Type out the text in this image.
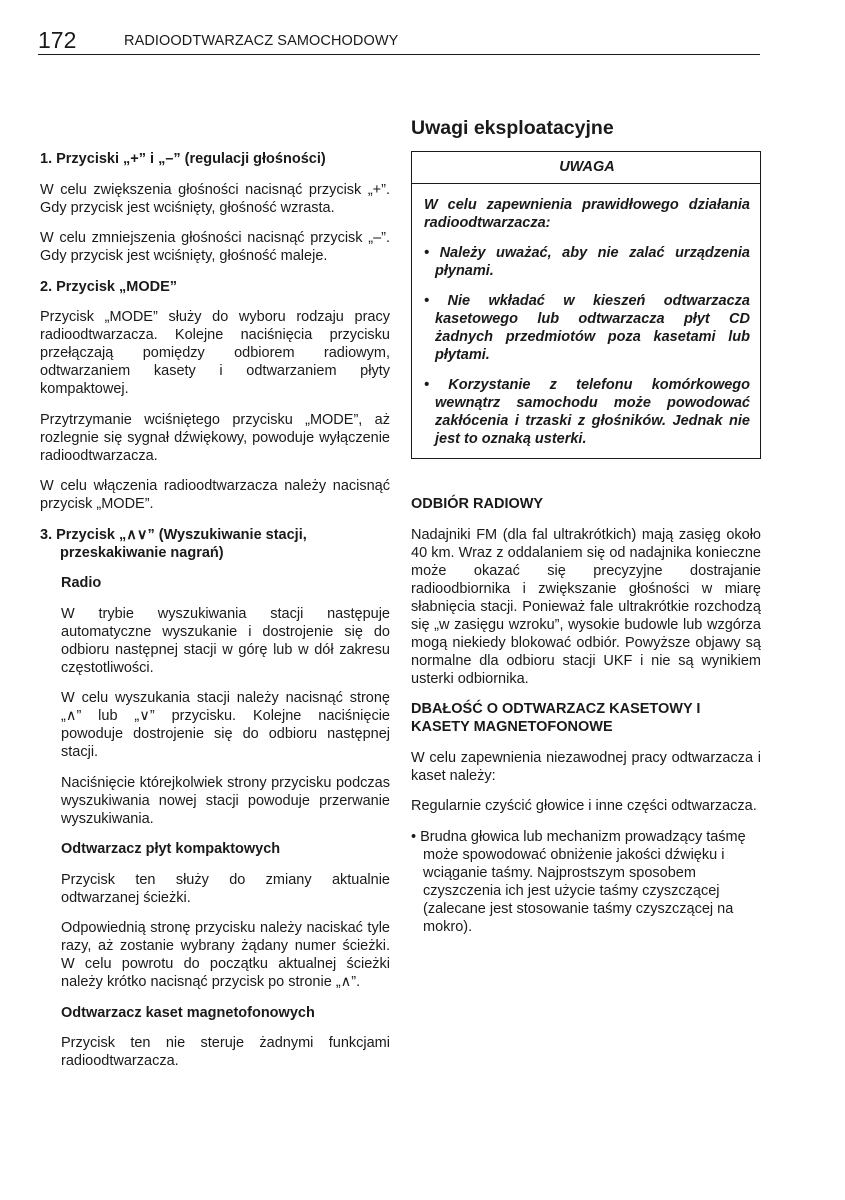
172	RADIOODTWARZACZ SAMOCHODOWY

1. Przyciski „+” i „–” (regulacji głośności)

W celu zwiększenia głośności nacisnąć przycisk „+”. Gdy przycisk jest wciśnięty, głośność wzrasta.

W celu zmniejszenia głośności nacisnąć przycisk „–”. Gdy przycisk jest wciśnięty, głośność maleje.

2. Przycisk „MODE”

Przycisk „MODE” służy do wyboru rodzaju pracy radioodtwarzacza. Kolejne naciśnięcia przycisku przełączają pomiędzy odbiorem radiowym, odtwarzaniem kasety i odtwarzaniem płyty kompaktowej.

Przytrzymanie wciśniętego przycisku „MODE”, aż rozlegnie się sygnał dźwiękowy, powoduje wyłączenie radioodtwarzacza.

W celu włączenia radioodtwarzacza należy nacisnąć przycisk „MODE”.

3. Przycisk „∧∨” (Wyszukiwanie stacji, przeskakiwanie nagrań)

Radio

W trybie wyszukiwania stacji następuje automatyczne wyszukanie i dostrojenie się do odbioru następnej stacji w górę lub w dół zakresu częstotliwości.

W celu wyszukania stacji należy nacisnąć stronę „∧” lub „∨” przycisku. Kolejne naciśnięcie powoduje dostrojenie się do odbioru następnej stacji.

Naciśnięcie którejkolwiek strony przycisku podczas wyszukiwania nowej stacji powoduje przerwanie wyszukiwania.

Odtwarzacz płyt kompaktowych

Przycisk ten służy do zmiany aktualnie odtwarzanej ścieżki.

Odpowiednią stronę przycisku należy naciskać tyle razy, aż zostanie wybrany żądany numer ścieżki. W celu powrotu do początku aktualnej ścieżki należy krótko nacisnąć przycisk po stronie „∧”.

Odtwarzacz kaset magnetofonowych

Przycisk ten nie steruje żadnymi funkcjami radioodtwarzacza.

Uwagi eksploatacyjne
UWAGA

W celu zapewnienia prawidłowego działania radioodtwarzacza:

• Należy uważać, aby nie zalać urządzenia płynami.

• Nie wkładać w kieszeń odtwarzacza kasetowego lub odtwarzacza płyt CD żadnych przedmiotów poza kasetami lub płytami.

• Korzystanie z telefonu komórkowego wewnątrz samochodu może powodować zakłócenia i trzaski z głośników. Jednak nie jest to oznaką usterki.

ODBIÓR RADIOWY

Nadajniki FM (dla fal ultrakrótkich) mają zasięg około 40 km. Wraz z oddalaniem się od nadajnika konieczne może okazać się precyzyjne dostrajanie radioodbiornika i zwiększanie głośności w miarę słabnięcia stacji. Ponieważ fale ultrakrótkie rozchodzą się „w zasięgu wzroku”, wysokie budowle lub wzgórza mogą niekiedy blokować odbiór. Powyższe objawy są normalne dla odbioru stacji UKF i nie są wynikiem usterki odbiornika.

DBAŁOŚĆ O ODTWARZACZ KASETOWY I KASETY MAGNETOFONOWE

W celu zapewnienia niezawodnej pracy odtwarzacza i kaset należy:

Regularnie czyścić głowice i inne części odtwarzacza.

• Brudna głowica lub mechanizm prowadzący taśmę może spowodować obniżenie jakości dźwięku i wciąganie taśmy. Najprostszym sposobem czyszczenia ich jest użycie taśmy czyszczącej (zalecane jest stosowanie taśmy czyszczącej na mokro).
